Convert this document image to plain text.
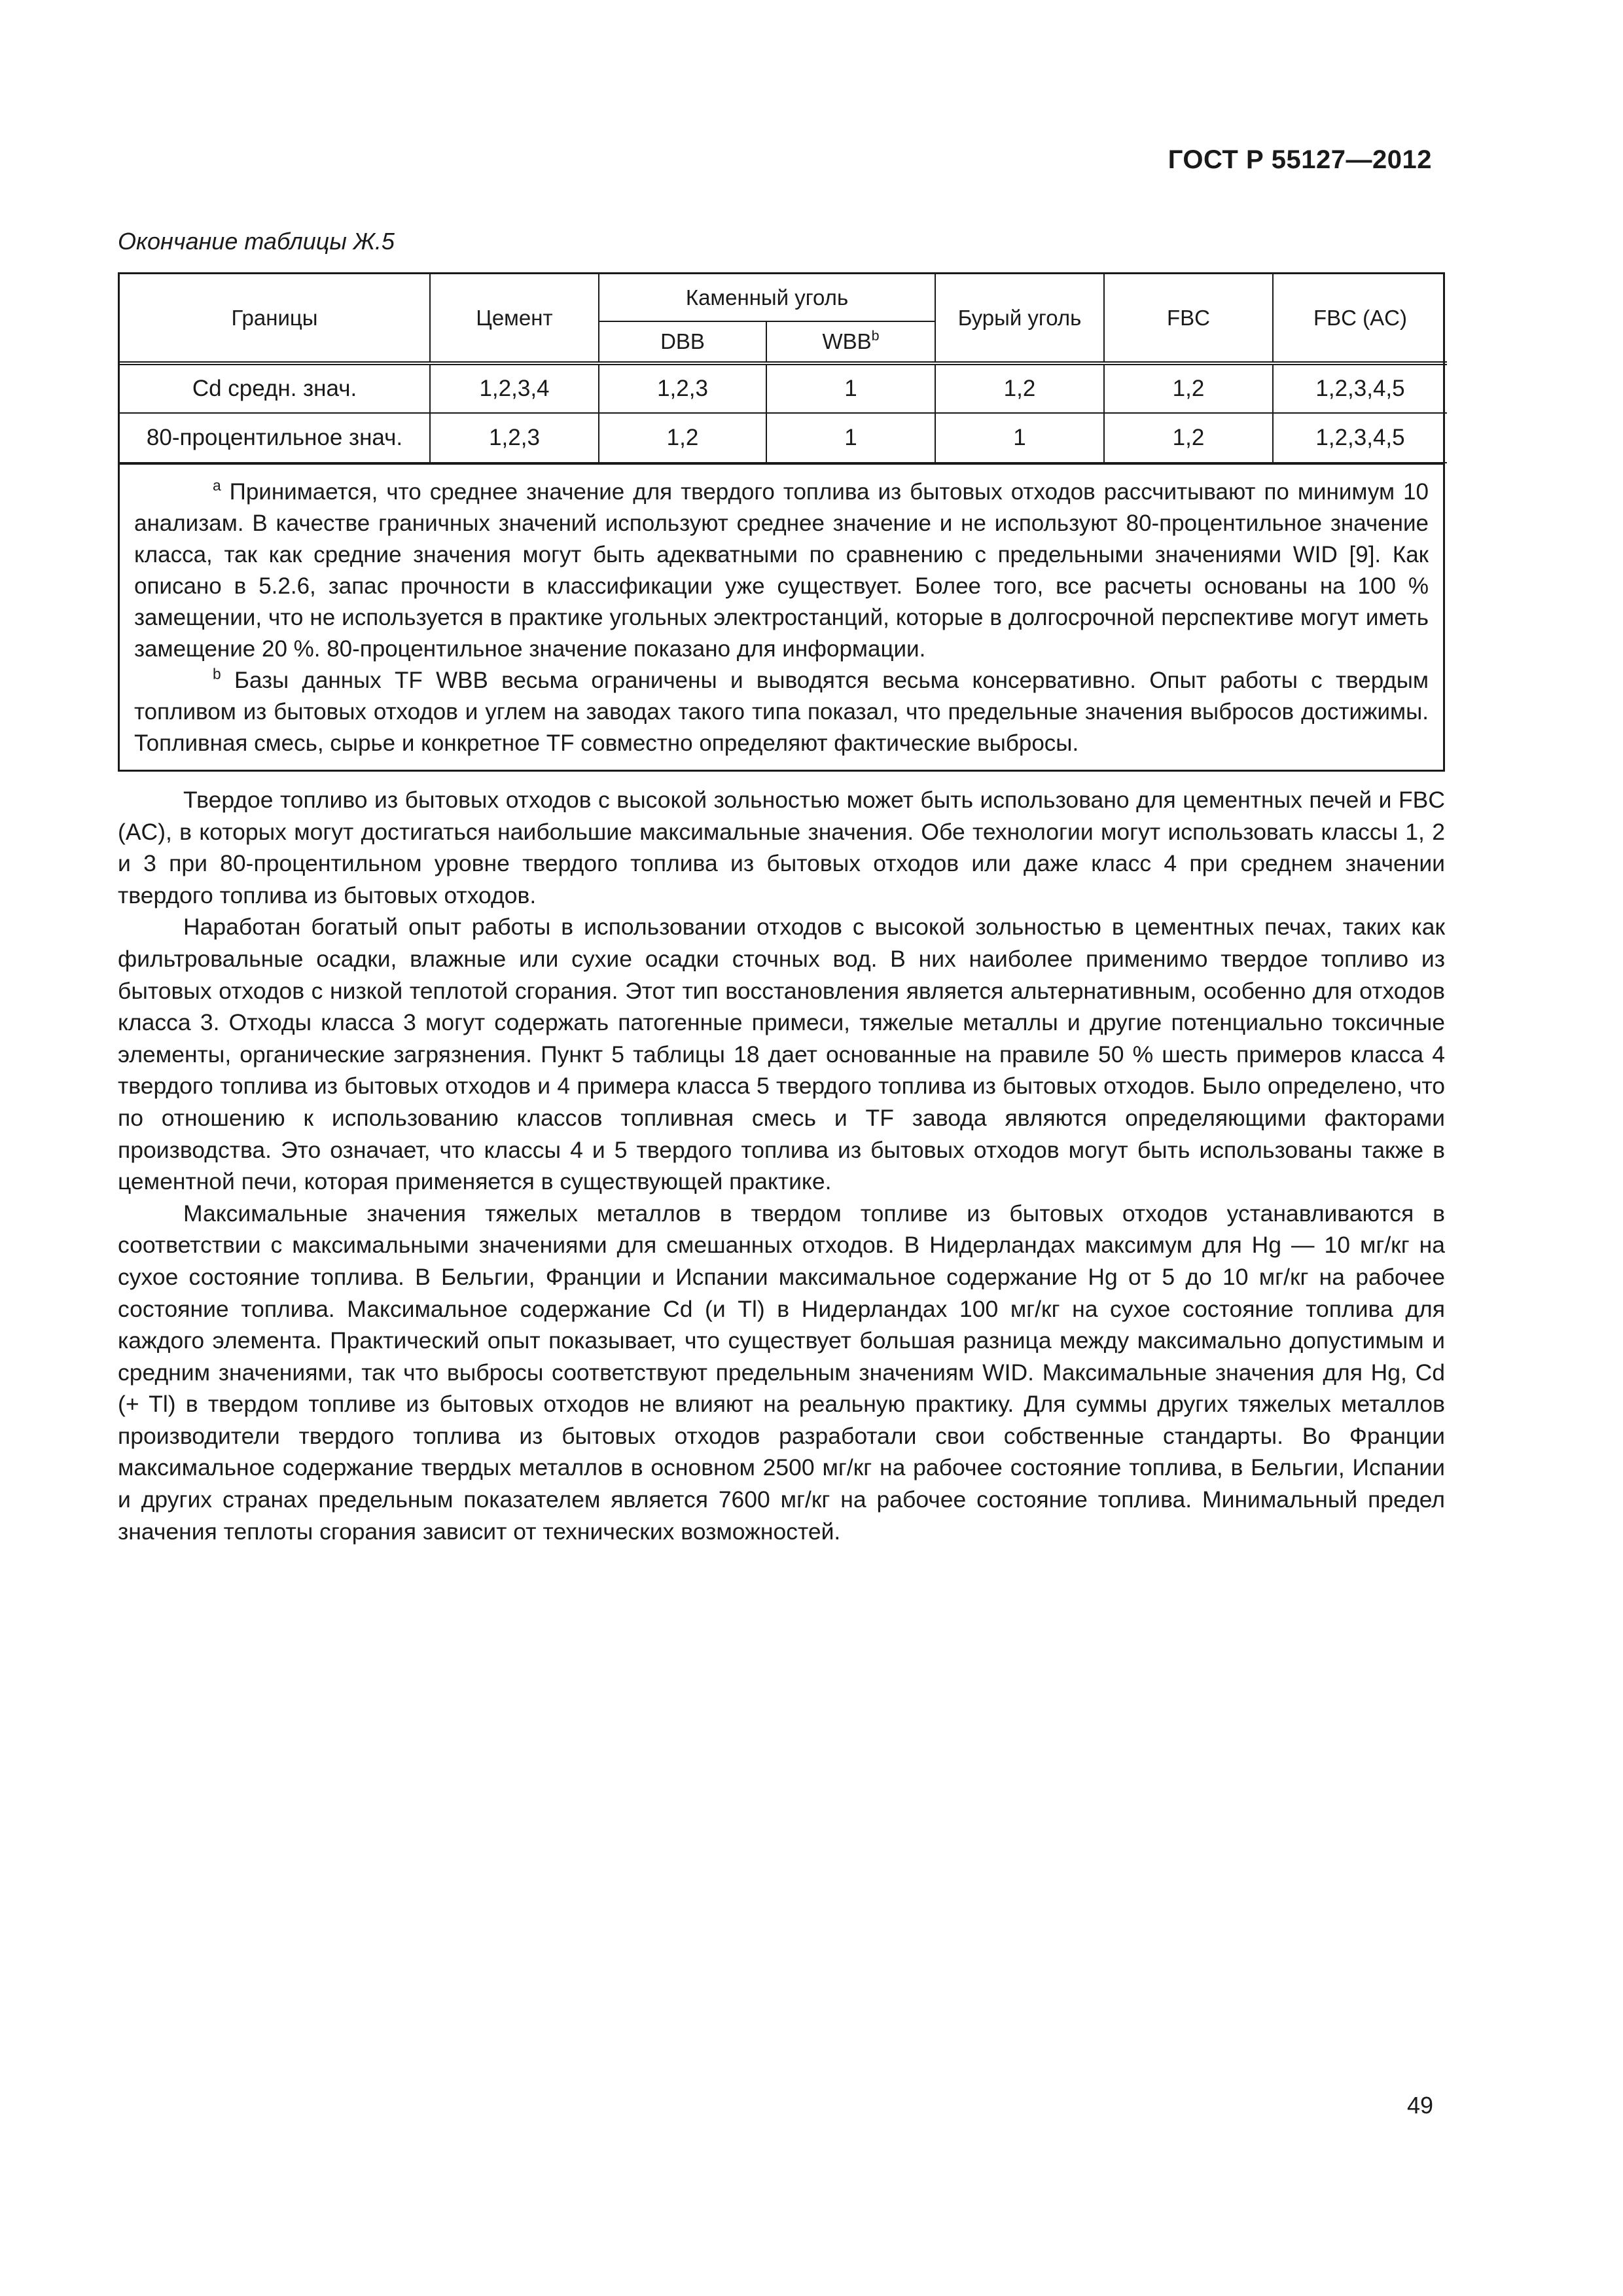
ГОСТ Р 55127—2012
Окончание таблицы Ж.5
Границы	Цемент	Каменный уголь		Бурый уголь	FBC	FBC (AC)
		DBB	WBB$^b$
Cd средн. знач.	1,2,3,4	1,2,3	1	1,2	1,2	1,2,3,4,5
80-процентильное знач.	1,2,3	1,2	1	1	1,2	1,2,3,4,5

$^a$ Принимается, что среднее значение для твердого топлива из бытовых отходов рассчитывают по минимум 10 анализам. В качестве граничных значений используют среднее значение и не используют 80-процентильное значение класса, так как средние значения могут быть адекватными по сравнению с предельными значениями WID [9]. Как описано в 5.2.6, запас прочности в классификации уже существует. Более того, все расчеты основаны на 100 % замещении, что не используется в практике угольных электростанций, которые в долгосрочной перспективе могут иметь замещение 20 %. 80-процентильное значение показано для информации.

$^b$ Базы данных TF WBB весьма ограничены и выводятся весьма консервативно. Опыт работы с твердым топливом из бытовых отходов и углем на заводах такого типа показал, что предельные значения выбросов достижимы. Топливная смесь, сырье и конкретное TF совместно определяют фактические выбросы.

Твердое топливо из бытовых отходов с высокой зольностью может быть использовано для цементных печей и FBC (AC), в которых могут достигаться наибольшие максимальные значения. Обе технологии могут использовать классы 1, 2 и 3 при 80-процентильном уровне твердого топлива из бытовых отходов или даже класс 4 при среднем значении твердого топлива из бытовых отходов.

Наработан богатый опыт работы в использовании отходов с высокой зольностью в цементных печах, таких как фильтровальные осадки, влажные или сухие осадки сточных вод. В них наиболее применимо твердое топливо из бытовых отходов с низкой теплотой сгорания. Этот тип восстановления является альтернативным, особенно для отходов класса 3. Отходы класса 3 могут содержать патогенные примеси, тяжелые металлы и другие потенциально токсичные элементы, органические загрязнения. Пункт 5 таблицы 18 дает основанные на правиле 50 % шесть примеров класса 4 твердого топлива из бытовых отходов и 4 примера класса 5 твердого топлива из бытовых отходов. Было определено, что по отношению к использованию классов топливная смесь и TF завода являются определяющими факторами производства. Это означает, что классы 4 и 5 твердого топлива из бытовых отходов могут быть использованы также в цементной печи, которая применяется в существующей практике.

Максимальные значения тяжелых металлов в твердом топливе из бытовых отходов устанавливаются в соответствии с максимальными значениями для смешанных отходов. В Нидерландах максимум для Hg — 10 мг/кг на сухое состояние топлива. В Бельгии, Франции и Испании максимальное содержание Hg от 5 до 10 мг/кг на рабочее состояние топлива. Максимальное содержание Cd (и Tl) в Нидерландах 100 мг/кг на сухое состояние топлива для каждого элемента. Практический опыт показывает, что существует большая разница между максимально допустимым и средним значениями, так что выбросы соответствуют предельным значениям WID. Максимальные значения для Hg, Cd (+ Tl) в твердом топливе из бытовых отходов не влияют на реальную практику. Для суммы других тяжелых металлов производители твердого топлива из бытовых отходов разработали свои собственные стандарты. Во Франции максимальное содержание твердых металлов в основном 2500 мг/кг на рабочее состояние топлива, в Бельгии, Испании и других странах предельным показателем является 7600 мг/кг на рабочее состояние топлива. Минимальный предел значения теплоты сгорания зависит от технических возможностей.

49
